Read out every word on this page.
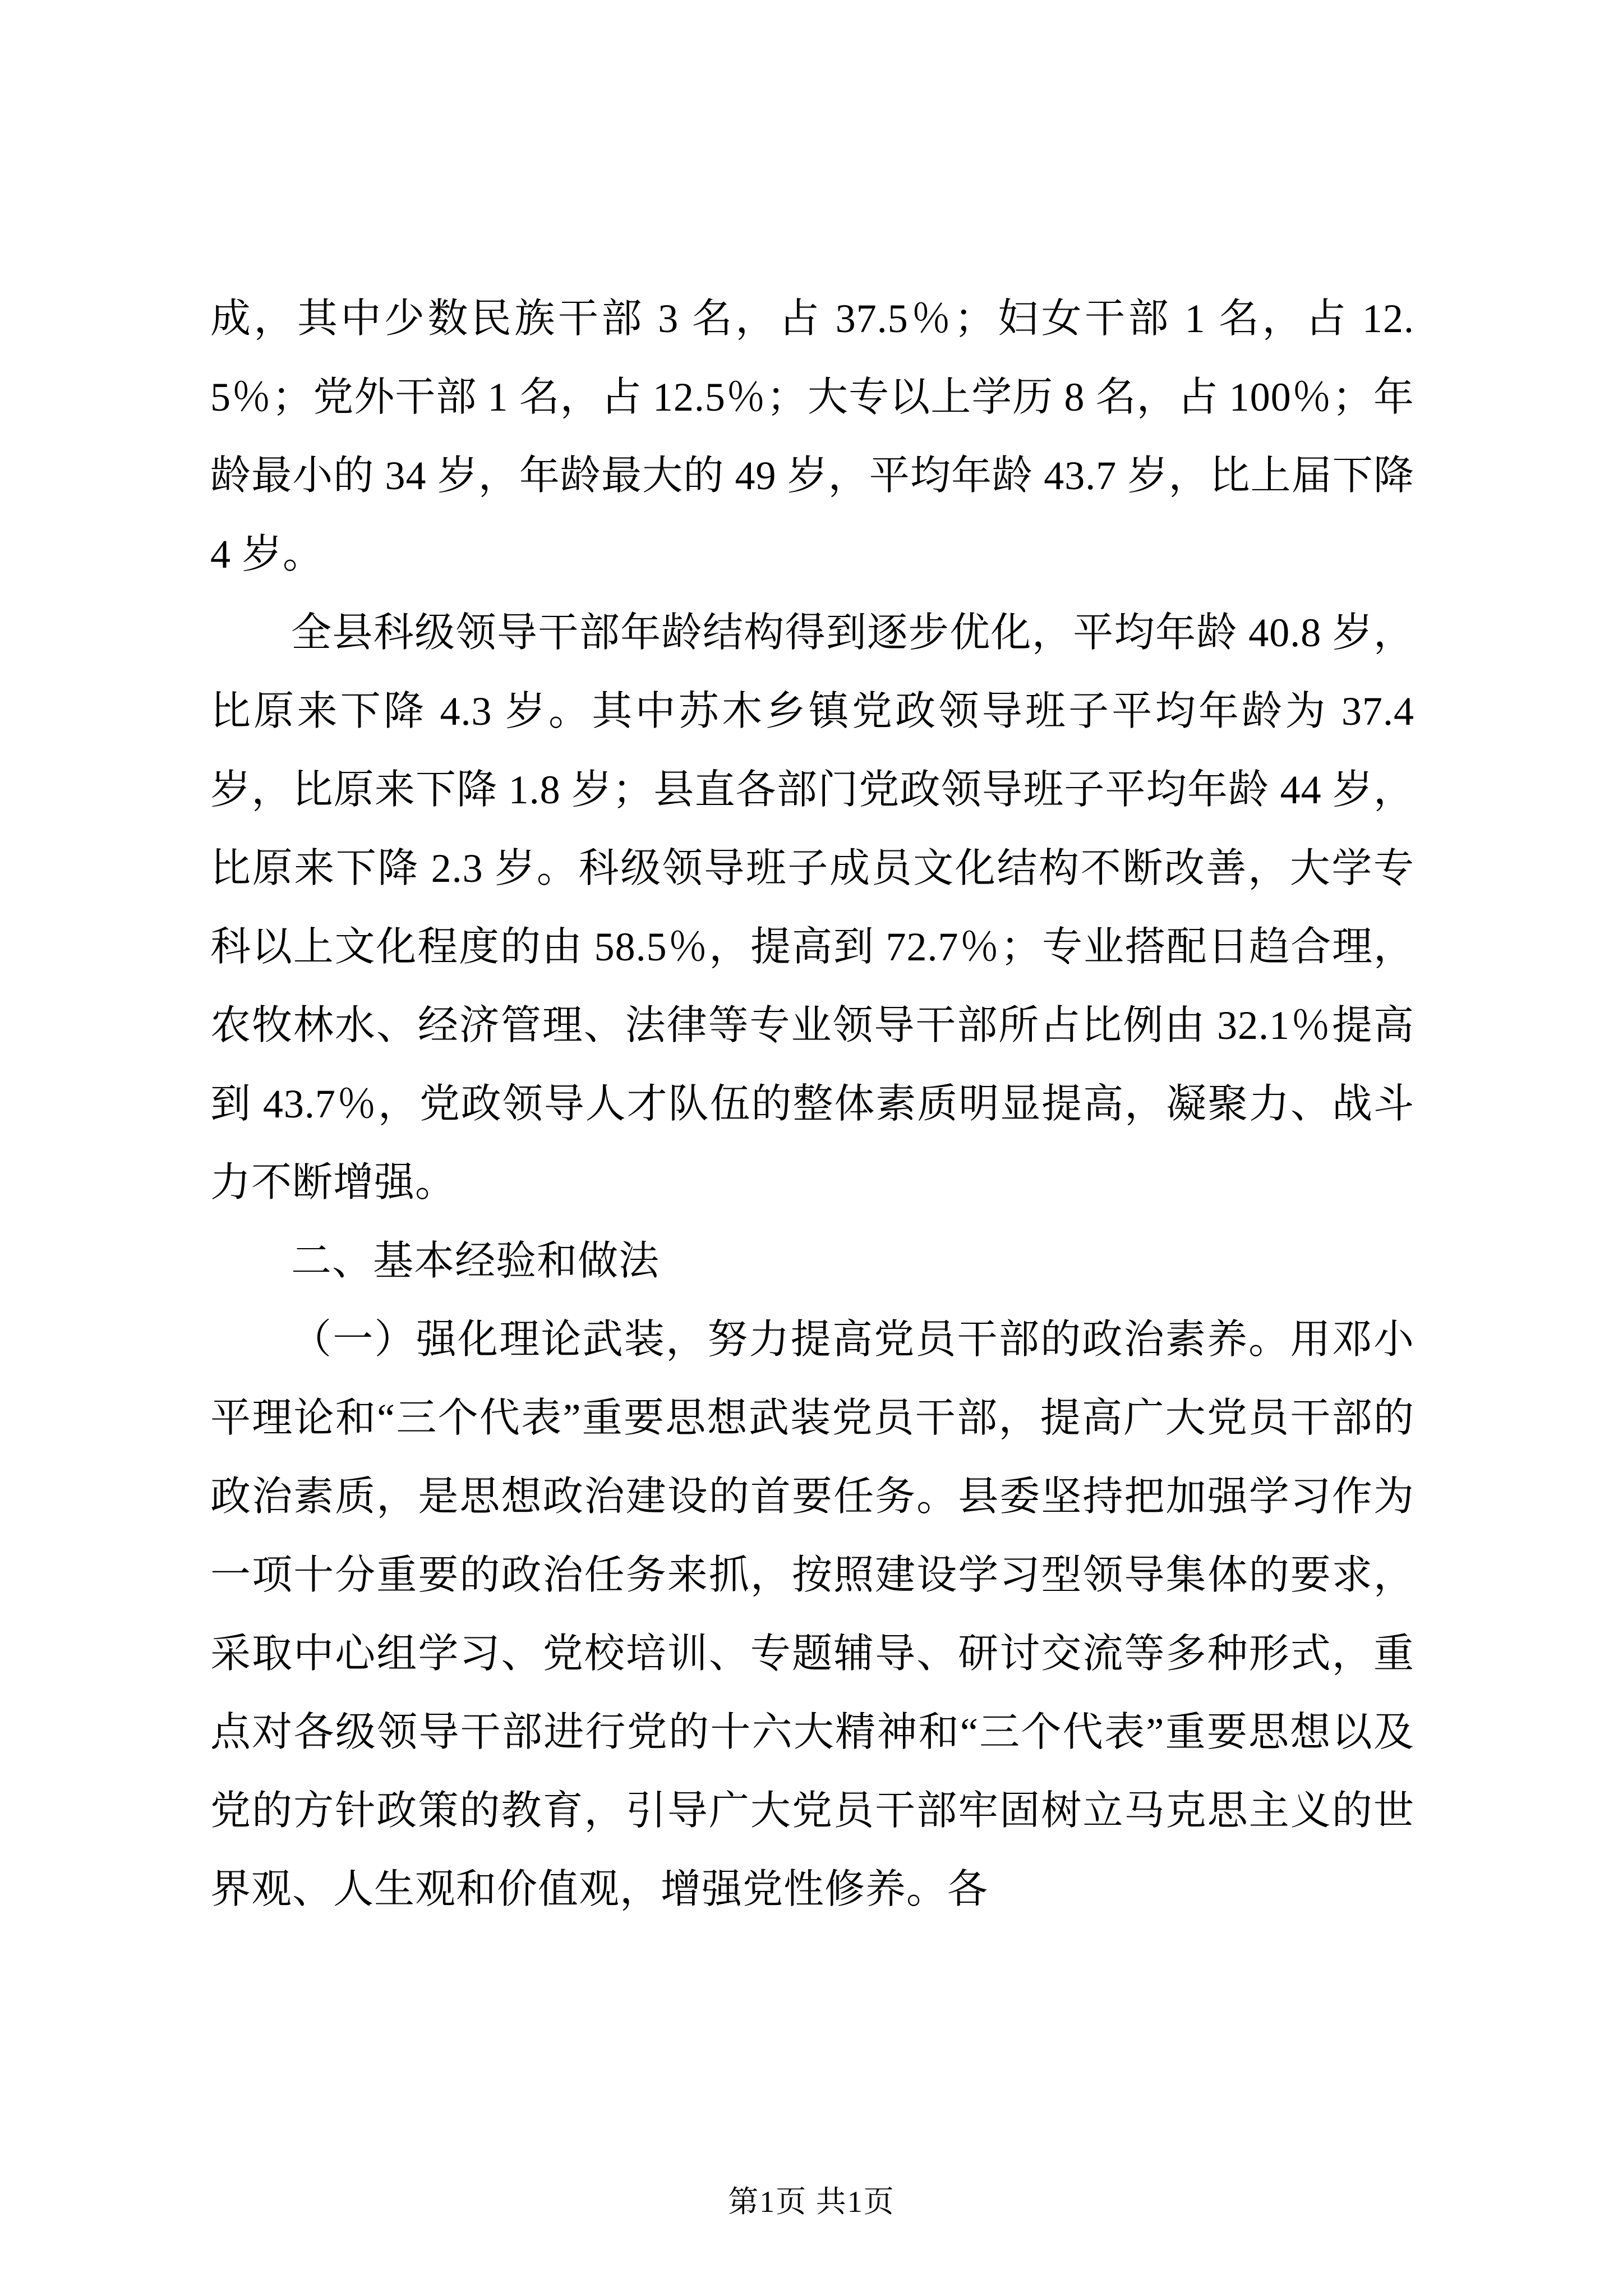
成，其中少数民族干部 3 名，占 37.5％；妇女干部 1 名，占 12.5％；党外干部 1 名，占 12.5％；大专以上学历 8 名，占 100％；年龄最小的 34 岁，年龄最大的 49 岁，平均年龄 43.7 岁，比上届下降 4 岁。

全县科级领导干部年龄结构得到逐步优化，平均年龄 40.8 岁，比原来下降 4.3 岁。其中苏木乡镇党政领导班子平均年龄为 37.4 岁，比原来下降 1.8 岁；县直各部门党政领导班子平均年龄 44 岁，比原来下降 2.3 岁。科级领导班子成员文化结构不断改善，大学专科以上文化程度的由 58.5％，提高到 72.7％；专业搭配日趋合理，农牧林水、经济管理、法律等专业领导干部所占比例由 32.1％提高到 43.7％，党政领导人才队伍的整体素质明显提高，凝聚力、战斗力不断增强。

二、基本经验和做法

（一）强化理论武装，努力提高党员干部的政治素养。用邓小平理论和“三个代表”重要思想武装党员干部，提高广大党员干部的政治素质，是思想政治建设的首要任务。县委坚持把加强学习作为一项十分重要的政治任务来抓，按照建设学习型领导集体的要求，采取中心组学习、党校培训、专题辅导、研讨交流等多种形式，重点对各级领导干部进行党的十六大精神和“三个代表”重要思想以及党的方针政策的教育，引导广大党员干部牢固树立马克思主义的世界观、人生观和价值观，增强党性修养。各

第1页 共1页
